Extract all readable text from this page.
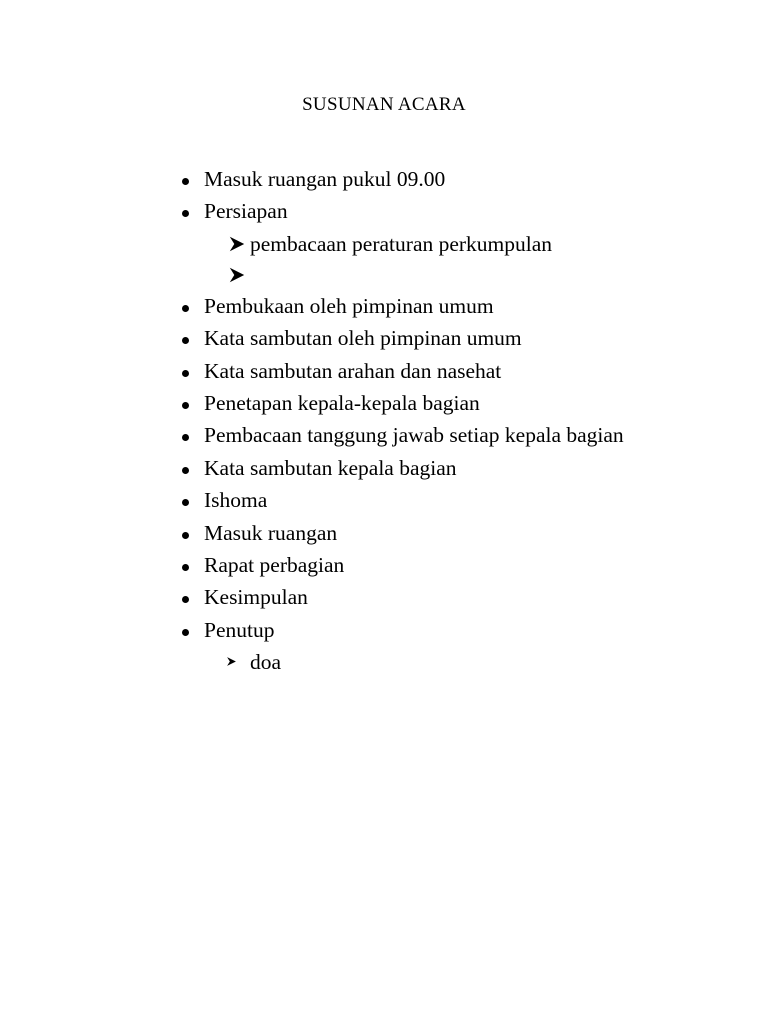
SUSUNAN ACARA
Masuk ruangan pukul 09.00
Persiapan
pembacaan peraturan perkumpulan
Pembukaan oleh pimpinan umum
Kata sambutan oleh pimpinan umum
Kata sambutan arahan dan nasehat
Penetapan kepala-kepala bagian
Pembacaan tanggung jawab setiap kepala bagian
Kata sambutan kepala bagian
Ishoma
Masuk ruangan
Rapat perbagian
Kesimpulan
Penutup
doa
